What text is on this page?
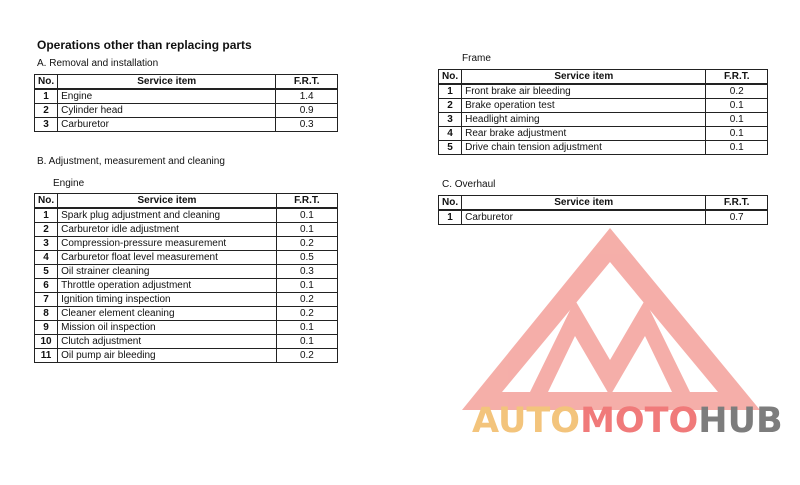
AUTOMOTOHUB
Operations other than replacing parts
A. Removal and installation
No.	Service item	F.R.T.
1	Engine	1.4
2	Cylinder head	0.9
3	Carburetor	0.3
B. Adjustment, measurement and cleaning
Engine
No.	Service item	F.R.T.
1	Spark plug adjustment and cleaning	0.1
2	Carburetor idle adjustment	0.1
3	Compression-pressure measurement	0.2
4	Carburetor float level measurement	0.5
5	Oil strainer cleaning	0.3
6	Throttle operation adjustment	0.1
7	Ignition timing inspection	0.2
8	Cleaner element cleaning	0.2
9	Mission oil inspection	0.1
10	Clutch adjustment	0.1
11	Oil pump air bleeding	0.2
Frame
No.	Service item	F.R.T.
1	Front brake air bleeding	0.2
2	Brake operation test	0.1
3	Headlight aiming	0.1
4	Rear brake adjustment	0.1
5	Drive chain tension adjustment	0.1
C. Overhaul
No.	Service item	F.R.T.
1	Carburetor	0.7
